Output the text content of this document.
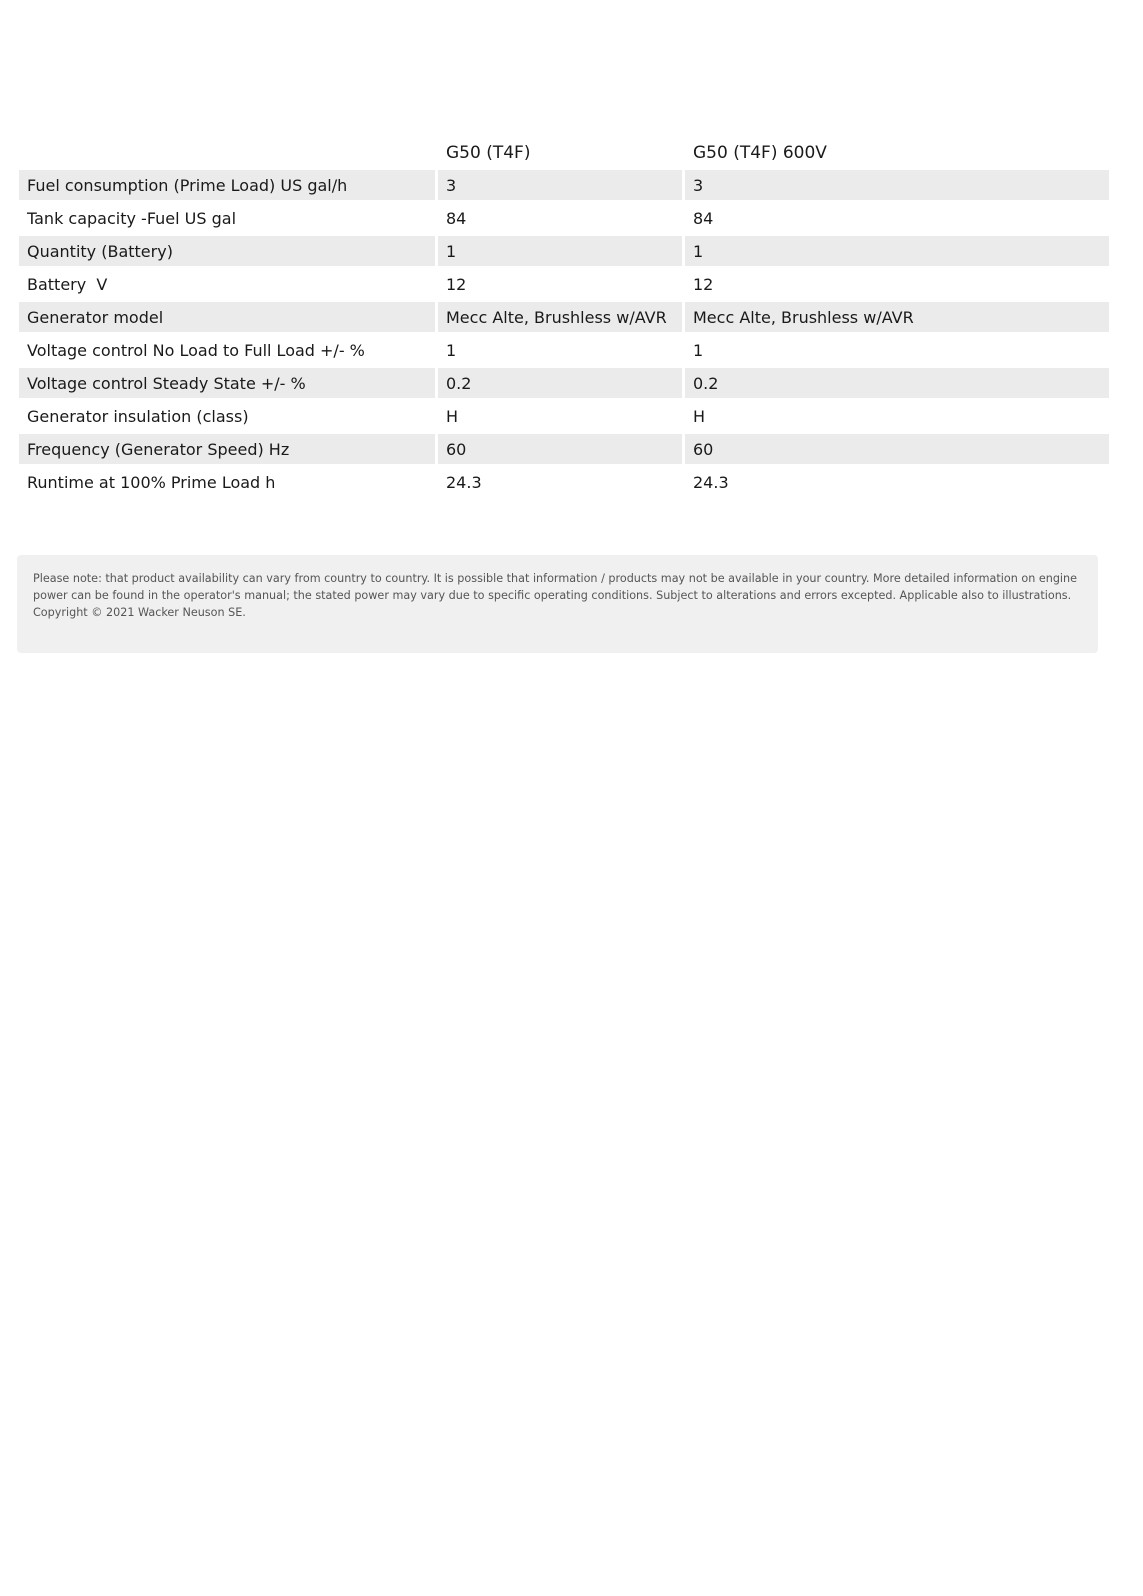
	G50 (T4F)	G50 (T4F) 600V
Fuel consumption (Prime Load) US gal/h	3	3
Tank capacity -Fuel US gal	84	84
Quantity (Battery)	1	1
Battery  V	12	12
Generator model	Mecc Alte, Brushless w/AVR	Mecc Alte, Brushless w/AVR
Voltage control No Load to Full Load +/- %	1	1
Voltage control Steady State +/- %	0.2	0.2
Generator insulation (class)	H	H
Frequency (Generator Speed) Hz	60	60
Runtime at 100% Prime Load h	24.3	24.3
Please note: that product availability can vary from country to country. It is possible that information / products may not be available in your country. More detailed information on engine power can be found in the operator's manual; the stated power may vary due to specific operating conditions. Subject to alterations and errors excepted. Applicable also to illustrations.
Copyright © 2021 Wacker Neuson SE.
